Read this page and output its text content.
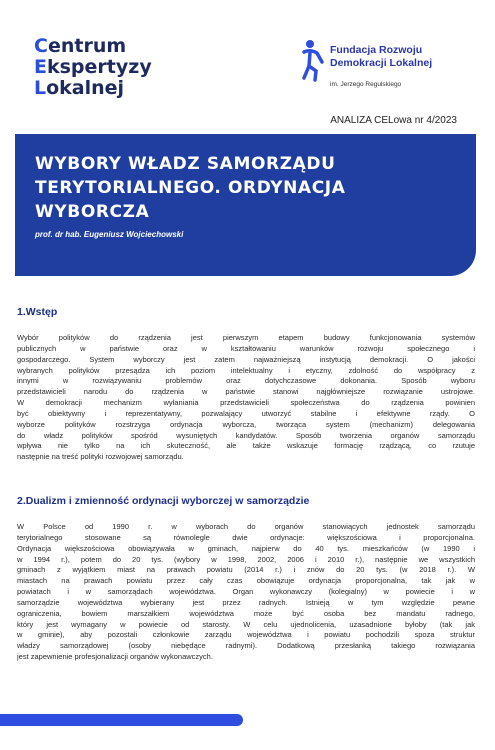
Centrum
Ekspertyzy
Lokalnej
Fundacja Rozwoju
Demokracji Lokalnej
im. Jerzego Regulskiego
ANALIZA CELowa nr 4/2023
WYBORY WŁADZ SAMORZĄDU
TERYTORIALNEGO. ORDYNACJA
WYBORCZA
prof. dr hab. Eugeniusz Wojciechowski
1.Wstęp
Wybór polityków do rządzenia jest pierwszym etapem budowy funkcjonowania systemów
publicznych w państwie oraz w kształtowaniu warunków rozwoju społecznego i
gospodarczego. System wyborczy jest zatem najważniejszą instytucją demokracji. O jakości
wybranych polityków przesądza ich poziom intelektualny i etyczny, zdolność do współpracy z
innymi w rozwiązywaniu problemów oraz dotychczasowe dokonania. Sposób wyboru
przedstawicieli narodu do rządzenia w państwie stanowi najgłówniejsze rozwiązanie ustrojowe.
W demokracji mechanizm wyłaniania przedstawicieli społeczeństwa do rządzenia powinien
być obiektywny i reprezentatywny, pozwalający utworzyć stabilne i efektywne rządy. O
wyborze polityków rozstrzyga ordynacja wyborcza, tworząca system (mechanizm) delegowania
do władz polityków spośród wysuniętych kandydatów. Sposób tworzenia organów samorządu
wpływa nie tylko na ich skuteczność, ale także wskazuje formację rządzącą, co rzutuje
następnie na treść polityki rozwojowej samorządu.
2.Dualizm i zmienność ordynacji wyborczej w samorządzie
W Polsce od 1990 r. w wyborach do organów stanowiących jednostek samorządu
terytorialnego stosowane są równolegle dwie ordynacje: większościowa i proporcjonalna.
Ordynacja większościowa obowiązywała w gminach, najpierw do 40 tys. mieszkańców (w 1990 i
w 1994 r.), potem do 20 tys. (wybory w 1998, 2002, 2006 i 2010 r.), następnie we wszystkich
gminach z wyjątkiem miast na prawach powiatu (2014 r.) i znów do 20 tys. (w 2018 r.). W
miastach na prawach powiatu przez cały czas obowiązuje ordynacja proporcjonalna, tak jak w
powiatach i w samorządach województwa. Organ wykonawczy (kolegialny) w powiecie i w
samorządzie województwa wybierany jest przez radnych. Istnieją w tym względzie pewne
ograniczenia, bowiem marszałkiem województwa może być osoba bez mandatu radnego,
który jest wymagany w powiecie od starosty. W celu ujednolicenia, uzasadnione byłoby (tak jak
w gminie), aby pozostali członkowie zarządu województwa i powiatu pochodzili spoza struktur
władzy samorządowej (osoby niebędące radnymi). Dodatkową przesłanką takiego rozwiązania
jest zapewnienie profesjonalizacji organów wykonawczych.
